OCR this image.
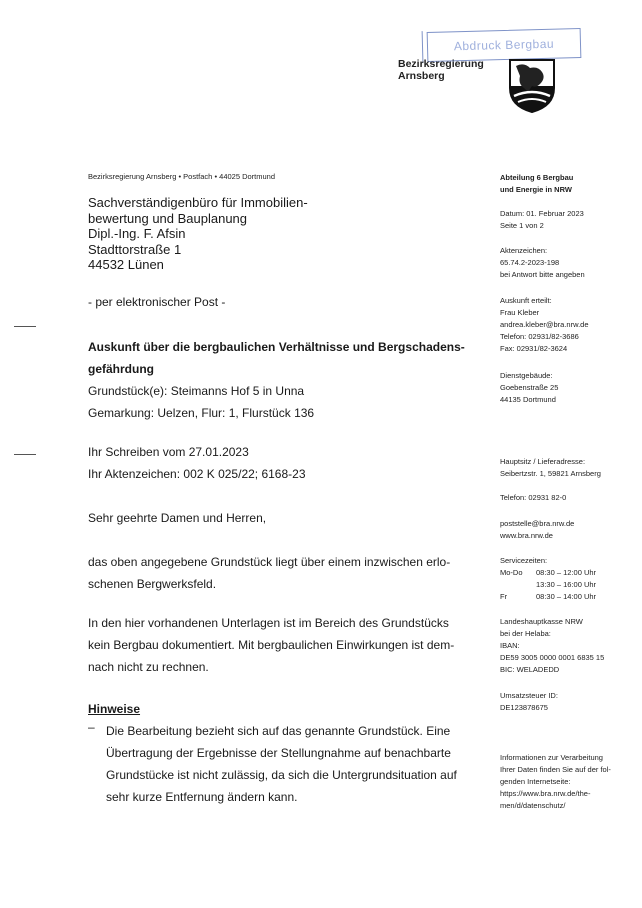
Abdruck Bergbau
Bezirksregierung
Arnsberg
Bezirksregierung Arnsberg • Postfach • 44025 Dortmund
Sachverständigenbüro für Immobilien-
bewertung und Bauplanung
Dipl.-Ing. F. Afsin
Stadttorstraße 1
44532 Lünen

- per elektronischer Post -

Auskunft über die bergbaulichen Verhältnisse und Bergschadens-

gefährdung

Grundstück(e): Steimanns Hof 5 in Unna

Gemarkung: Uelzen, Flur: 1, Flurstück 136

Ihr Schreiben vom 27.01.2023

Ihr Aktenzeichen: 002 K 025/22; 6168-23

Sehr geehrte Damen und Herren,

das oben angegebene Grundstück liegt über einem inzwischen erlo-

schenen Bergwerksfeld.

In den hier vorhandenen Unterlagen ist im Bereich des Grundstücks

kein Bergbau dokumentiert. Mit bergbaulichen Einwirkungen ist dem-

nach nicht zu rechnen.

Hinweise

– Die Bearbeitung bezieht sich auf das genannte Grundstück. Eine

Übertragung der Ergebnisse der Stellungnahme auf benachbarte

Grundstücke ist nicht zulässig, da sich die Untergrundsituation auf

sehr kurze Entfernung ändern kann.

Abteilung 6 Bergbau
und Energie in NRW
Datum: 01. Februar 2023
Seite 1 von 2
Aktenzeichen:
65.74.2-2023-198
bei Antwort bitte angeben
Auskunft erteilt:
Frau Kleber
andrea.kleber@bra.nrw.de
Telefon: 02931/82-3686
Fax: 02931/82-3624
Dienstgebäude:
Goebenstraße 25
44135 Dortmund
Hauptsitz / Lieferadresse:
Seibertzstr. 1, 59821 Arnsberg
Telefon: 02931 82-0
poststelle@bra.nrw.de
www.bra.nrw.de
Servicezeiten:
Mo-Do	08:30 – 12:00 Uhr
13:30 – 16:00 Uhr
Fr	08:30 – 14:00 Uhr
Landeshauptkasse NRW
bei der Helaba:
IBAN:
DE59 3005 0000 0001 6835 15
BIC: WELADEDD
Umsatzsteuer ID:
DE123878675
Informationen zur Verarbeitung
Ihrer Daten finden Sie auf der fol-
genden Internetseite:
https://www.bra.nrw.de/the-
men/d/datenschutz/
